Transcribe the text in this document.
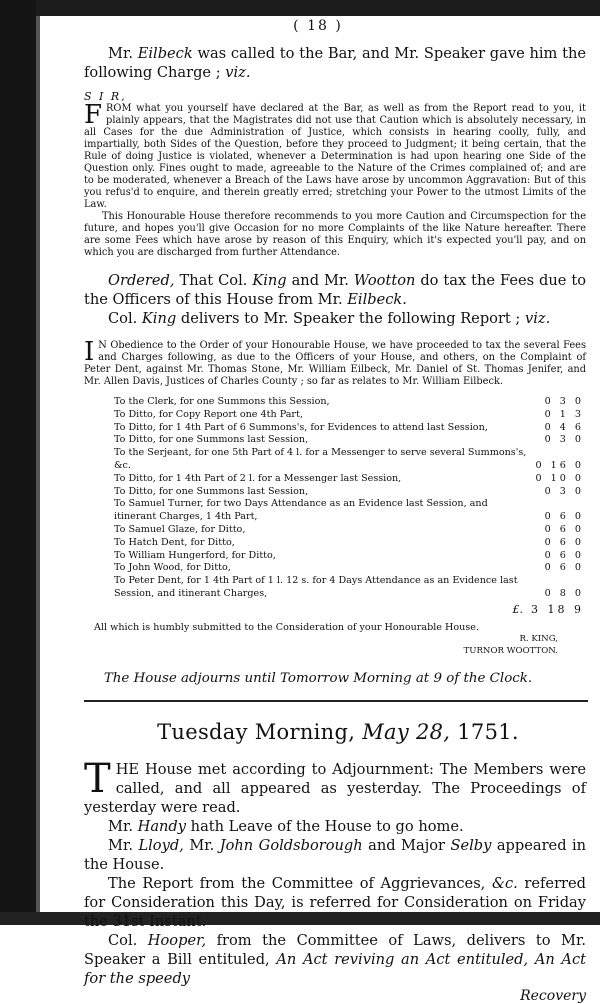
( 18 )

Mr. Eilbeck was called to the Bar, and Mr. Speaker gave him the following Charge ; viz.

S I R,
FROM what you yourself have declared at the Bar, as well as from the Report read to you, it plainly appears, that the Magistrates did not use that Caution which is absolutely necessary, in all Cases for the due Administration of Justice, which consists in hearing coolly, fully, and impartially, both Sides of the Question, before they proceed to Judgment; it being certain, that the Rule of doing Justice is violated, whenever a Determination is had upon hearing one Side of the Question only. Fines ought to made, agreeable to the Nature of the Crimes complained of; and are to be moderated, whenever a Breach of the Laws have arose by uncommon Aggravation: But of this you refus'd to enquire, and therein greatly erred; stretching your Power to the utmost Limits of the Law.
This Honourable House therefore recommends to you more Caution and Circumspection for the future, and hopes you'll give Occasion for no more Complaints of the like Nature hereafter. There are some Fees which have arose by reason of this Enquiry, which it's expected you'll pay, and on which you are discharged from further Attendance.

Ordered, That Col. King and Mr. Wootton do tax the Fees due to the Officers of this House from Mr. Eilbeck.

Col. King delivers to Mr. Speaker the following Report ; viz.

I N Obedience to the Order of your Honourable House, we have proceeded to tax the several Fees and Charges following, as due to the Officers of your House, and others, on the Complaint of Peter Dent, against Mr. Thomas Stone, Mr. William Eilbeck, Mr. Daniel of St. Thomas Jenifer, and Mr. Allen Davis, Justices of Charles County ; so far as relates to Mr. William Eilbeck.
To the Clerk, for one Summons this Session,	0 3 0
To Ditto, for Copy Report one 4th Part,	0 1 3
To Ditto, for 1 4th Part of 6 Summons's, for Evidences to attend last Session,	0 4 6
To Ditto, for one Summons last Session,	0 3 0
To the Serjeant, for one 5th Part of 4 l. for a Messenger to serve several Summons's, &c.	0 16 0
To Ditto, for 1 4th Part of 2 l. for a Messenger last Session,	0 10 0
To Ditto, for one Summons last Session,	0 3 0
To Samuel Turner, for two Days Attendance as an Evidence last Session, and itinerant Charges, 1 4th Part,	0 6 0
To Samuel Glaze, for Ditto,	0 6 0
To Hatch Dent, for Ditto,	0 6 0
To William Hungerford, for Ditto,	0 6 0
To John Wood, for Ditto,	0 6 0
To Peter Dent, for 1 4th Part of 1 l. 12 s. for 4 Days Attendance as an Evidence last Session, and itinerant Charges,	0 8 0
£. 3 18 9
All which is humbly submitted to the Consideration of your Honourable House.
R. KING,
TURNOR WOOTTON.
The House adjourns until Tomorrow Morning at 9 of the Clock.
Tuesday Morning, May 28, 1751.

THE House met according to Adjournment: The Members were called, and all appeared as yesterday. The Proceedings of yesterday were read.

Mr. Handy hath Leave of the House to go home.

Mr. Lloyd, Mr. John Goldsborough and Major Selby appeared in the House.

The Report from the Committee of Aggrievances, &c. referred for Consideration this Day, is referred for Consideration on Friday the 31st Instant.

Col. Hooper, from the Committee of Laws, delivers to Mr. Speaker a Bill entituled, An Act reviving an Act entituled, An Act for the speedy

Recovery
